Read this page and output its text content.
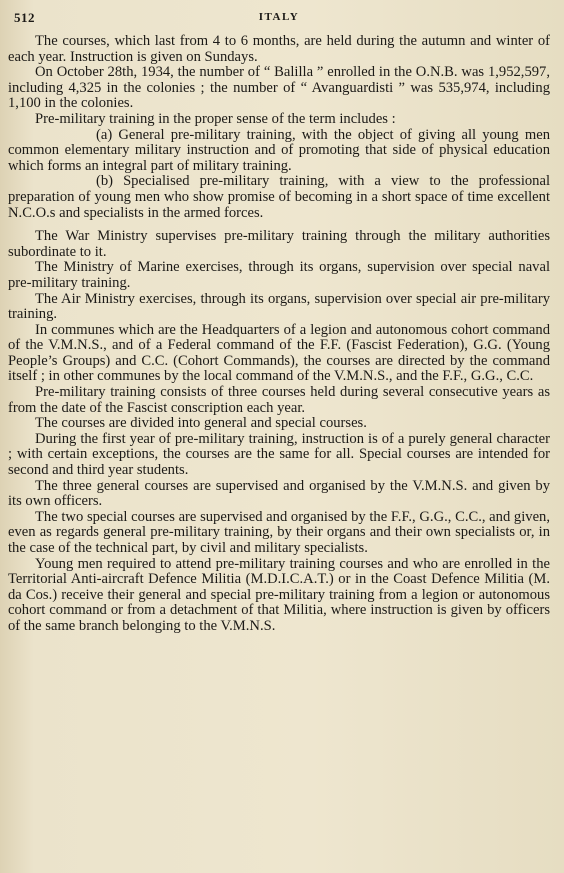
512	ITALY

The courses, which last from 4 to 6 months, are held during the autumn and winter of each year. Instruction is given on Sundays.

On October 28th, 1934, the number of “ Balilla ” enrolled in the O.N.B. was 1,952,597, including 4,325 in the colonies ; the number of “ Avanguardisti ” was 535,974, including 1,100 in the colonies.

Pre-military training in the proper sense of the term includes :

(a) General pre-military training, with the object of giving all young men common elementary military instruction and of promoting that side of physical education which forms an integral part of military training.

(b) Specialised pre-military training, with a view to the professional preparation of young men who show promise of becoming in a short space of time excellent N.C.O.s and specialists in the armed forces.

The War Ministry supervises pre-military training through the military authorities subordinate to it.

The Ministry of Marine exercises, through its organs, supervision over special naval pre-military training.

The Air Ministry exercises, through its organs, supervision over special air pre-military training.

In communes which are the Headquarters of a legion and autonomous cohort command of the V.M.N.S., and of a Federal command of the F.F. (Fascist Federation), G.G. (Young People’s Groups) and C.C. (Cohort Commands), the courses are directed by the command itself ; in other communes by the local command of the V.M.N.S., and the F.F., G.G., C.C.

Pre-military training consists of three courses held during several consecutive years as from the date of the Fascist conscription each year.

The courses are divided into general and special courses.

During the first year of pre-military training, instruction is of a purely general character ; with certain exceptions, the courses are the same for all. Special courses are intended for second and third year students.

The three general courses are supervised and organised by the V.M.N.S. and given by its own officers.

The two special courses are supervised and organised by the F.F., G.G., C.C., and given, even as regards general pre-military training, by their organs and their own specialists or, in the case of the technical part, by civil and military specialists.

Young men required to attend pre-military training courses and who are enrolled in the Territorial Anti-aircraft Defence Militia (M.D.I.C.A.T.) or in the Coast Defence Militia (M. da Cos.) receive their general and special pre-military training from a legion or autonomous cohort command or from a detachment of that Militia, where instruction is given by officers of the same branch belonging to the V.M.N.S.
